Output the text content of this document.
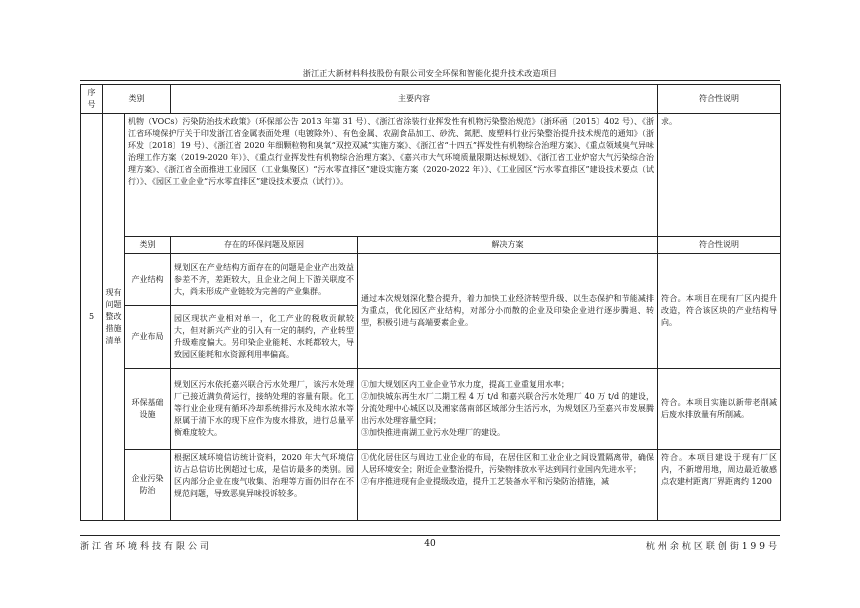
浙江正大新材料科技股份有限公司安全环保和智能化提升技术改造项目
序号	类别		主要内容		符合性说明
5	现有问题整改措施清单	机物（VOCs）污染防治技术政策》（环保部公告 2013 年第 31 号）、《浙江省涂装行业挥发性有机物污染整治规范》（浙环函〔2015〕402 号）、《浙江省环境保护厅关于印发浙江省金属表面处理（电镀除外）、有色金属、农副食品加工、砂洗、氮肥、废塑料行业污染整治提升技术规范的通知》（浙环发〔2018〕19 号）、《浙江省 2020 年细颗粒物和臭氧“双控双减”实施方案》、《浙江省“十四五”挥发性有机物综合治理方案》、《重点领域臭气异味治理工作方案（2019-2020 年）》、《重点行业挥发性有机物综合治理方案》、《嘉兴市大气环境质量限期达标规划》、《浙江省工业炉窑大气污染综合治理方案》、《浙江省全面推进工业园区（工业集聚区）“污水零直排区”建设实施方案（2020-2022 年）》、《工业园区“污水零直排区”建设技术要点（试行）》、《园区工业企业“污水零直排区”建设技术要点（试行）》。			求。
		类别	存在的环保问题及原因	解决方案	符合性说明
		产业结构	规划区在产业结构方面存在的问题是企业产出效益参差不齐，差距较大，且企业之间上下游关联度不大，尚未形成产业链较为完善的产业集群。	通过本次规划深化整合提升，着力加快工业经济转型升级、以生态保护和节能减排为重点，优化园区产业结构，对部分小而散的企业及印染企业进行逐步腾退、转型，积极引进与高端要素企业。	符合。本项目在现有厂区内提升改造，符合该区块的产业结构导向。
		产业布局	园区现状产业相对单一，化工产业的税收贡献较大，但对新兴产业的引入有一定的制约，产业转型升级难度偏大。另印染企业能耗、水耗都较大，导致园区能耗和水资源利用率偏高。		
		环保基础设施	规划区污水依托嘉兴联合污水处理厂，该污水处理厂已接近满负荷运行，接纳处理的容量有限。化工等行业企业现有循环冷却系统排污水及纯水浓水等原属于清下水的现下应作为废水排放，进行总量平衡难度较大。	①加大规划区内工业企业节水力度，提高工业重复用水率；
②加快城东再生水厂二期工程 4 万 t/d 和嘉兴联合污水处理厂 40 万 t/d 的建设，分流处理中心城区以及湘家荡南部区域部分生活污水，为规划区乃至嘉兴市发展腾出污水处理容量空间；
③加快推进南湖工业污水处理厂的建设。	符合。本项目实施以新带老削减后废水排放量有所削减。
		企业污染防治	根据区域环境信访统计资料，2020 年大气环境信访占总信访比例超过七成，是信访最多的类别。园区内部分企业在废气收集、治理等方面仍旧存在不规范问题，导致恶臭异味投诉较多。	①优化居住区与周边工业企业的布局，在居住区和工业企业之间设置隔离带，确保人居环境安全；附近企业整治提升，污染物排放水平达到同行业国内先进水平；
②有序推进现有企业提级改造，提升工艺装备水平和污染防治措施，减	符合。本项目建设于现有厂区内，不新增用地，周边最近敏感点农建村距离厂界距离约 1200
浙江省环境科技有限公司	40	杭州余杭区联创街199号
